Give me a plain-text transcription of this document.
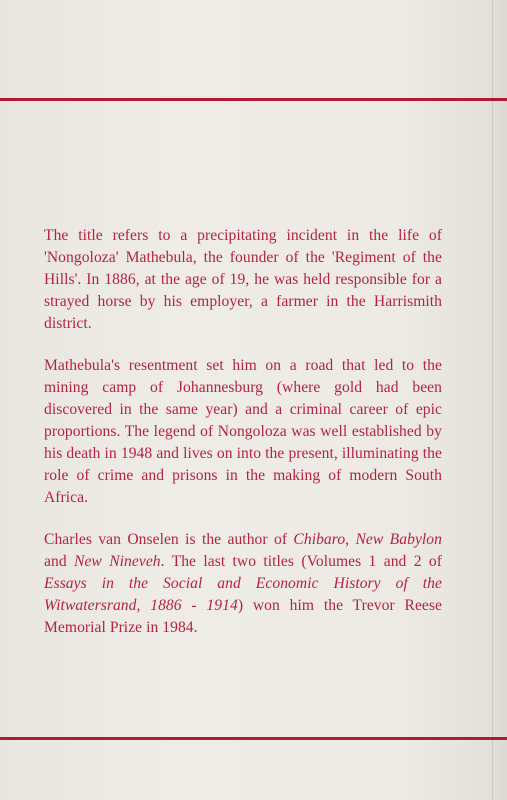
The title refers to a precipitating incident in the life of 'Nongoloza' Mathebula, the founder of the 'Regiment of the Hills'. In 1886, at the age of 19, he was held responsible for a strayed horse by his employer, a farmer in the Harrismith district.

Mathebula's resentment set him on a road that led to the mining camp of Johannesburg (where gold had been discovered in the same year) and a criminal career of epic proportions. The legend of Nongoloza was well established by his death in 1948 and lives on into the present, illuminating the role of crime and prisons in the making of modern South Africa.

Charles van Onselen is the author of Chibaro, New Babylon and New Nineveh. The last two titles (Volumes 1 and 2 of Essays in the Social and Economic History of the Witwatersrand, 1886 - 1914) won him the Trevor Reese Memorial Prize in 1984.
